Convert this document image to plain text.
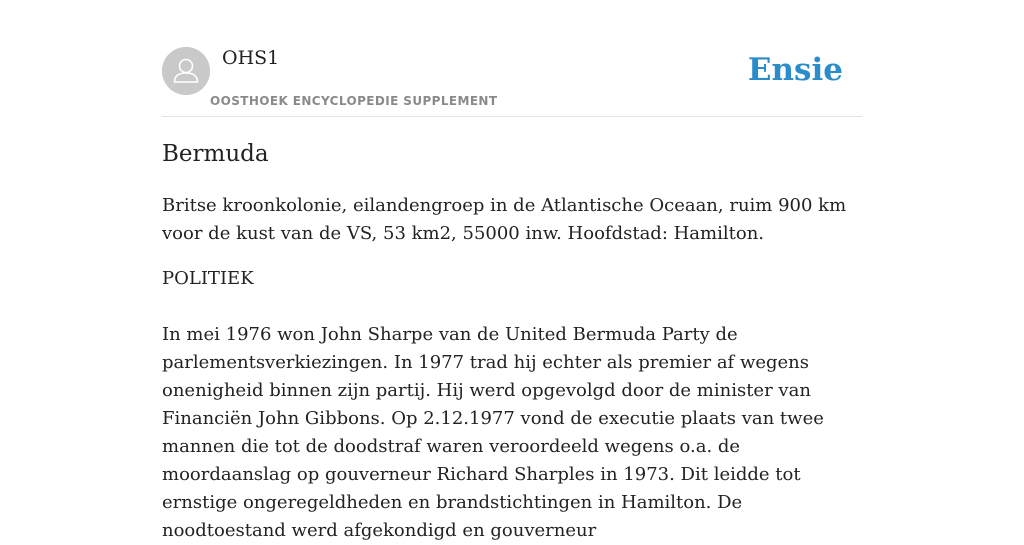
OHS1
OOSTHOEK ENCYCLOPEDIE SUPPLEMENT
Ensie
Bermuda

Britse kroonkolonie, eilandengroep in de Atlantische Oceaan, ruim 900 km voor de kust van de VS, 53 km2, 55000 inw. Hoofdstad: Hamilton.

POLITIEK

In mei 1976 won John Sharpe van de United Bermuda Party de parlementsverkiezingen. In 1977 trad hij echter als premier af wegens onenigheid binnen zijn partij. Hij werd opgevolgd door de minister van Financiën John Gibbons. Op 2.12.1977 vond de executie plaats van twee mannen die tot de doodstraf waren veroordeeld wegens o.a. de moordaanslag op gouverneur Richard Sharples in 1973. Dit leidde tot ernstige ongeregeldheden en brandstichtingen in Hamilton. De noodtoestand werd afgekondigd en gouverneur
